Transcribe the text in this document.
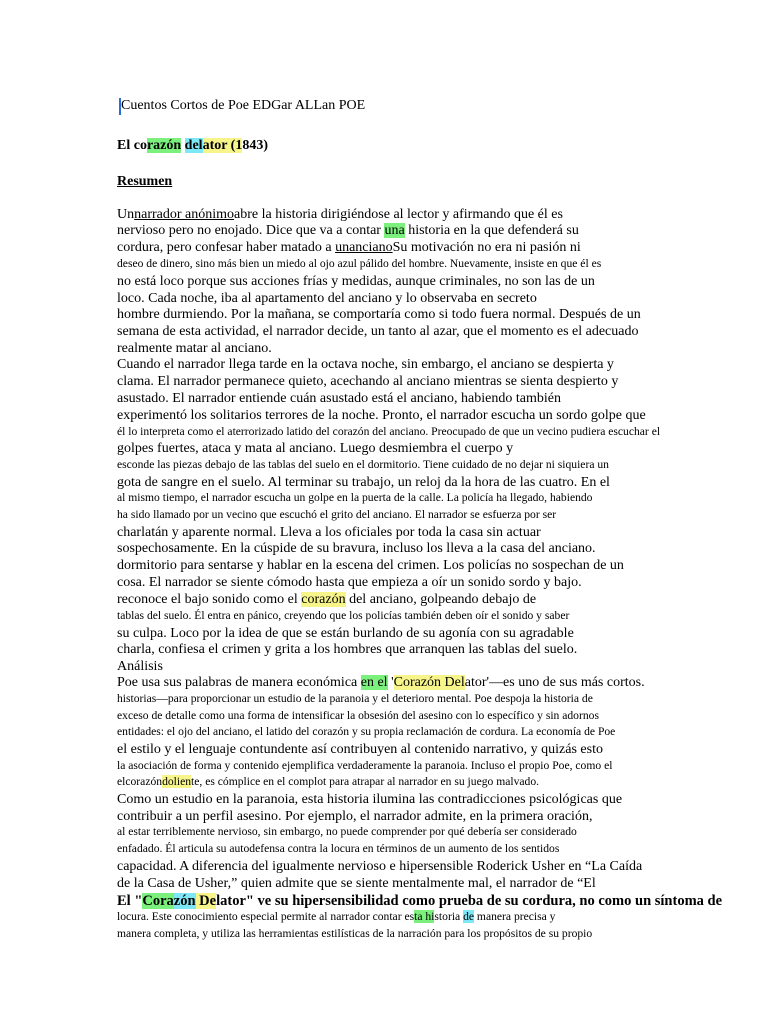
Cuentos Cortos de Poe EDGar ALLan POE
El corazón delator (1843)
Resumen
Unnarrador anónimoabre la historia dirigiéndose al lector y afirmando que él es
nervioso pero no enojado. Dice que va a contar una historia en la que defenderá su
cordura, pero confesar haber matado a unancianoSu motivación no era ni pasión ni
deseo de dinero, sino más bien un miedo al ojo azul pálido del hombre. Nuevamente, insiste en que él es
no está loco porque sus acciones frías y medidas, aunque criminales, no son las de un
loco. Cada noche, iba al apartamento del anciano y lo observaba en secreto
hombre durmiendo. Por la mañana, se comportaría como si todo fuera normal. Después de un
semana de esta actividad, el narrador decide, un tanto al azar, que el momento es el adecuado
realmente matar al anciano.
Cuando el narrador llega tarde en la octava noche, sin embargo, el anciano se despierta y
clama. El narrador permanece quieto, acechando al anciano mientras se sienta despierto y
asustado. El narrador entiende cuán asustado está el anciano, habiendo también
experimentó los solitarios terrores de la noche. Pronto, el narrador escucha un sordo golpe que
él lo interpreta como el aterrorizado latido del corazón del anciano. Preocupado de que un vecino pudiera escuchar el
golpes fuertes, ataca y mata al anciano. Luego desmiembra el cuerpo y
esconde las piezas debajo de las tablas del suelo en el dormitorio. Tiene cuidado de no dejar ni siquiera un
gota de sangre en el suelo. Al terminar su trabajo, un reloj da la hora de las cuatro. En el
al mismo tiempo, el narrador escucha un golpe en la puerta de la calle. La policía ha llegado, habiendo
ha sido llamado por un vecino que escuchó el grito del anciano. El narrador se esfuerza por ser
charlatán y aparente normal. Lleva a los oficiales por toda la casa sin actuar
sospechosamente. En la cúspide de su bravura, incluso los lleva a la casa del anciano.
dormitorio para sentarse y hablar en la escena del crimen. Los policías no sospechan de un
cosa. El narrador se siente cómodo hasta que empieza a oír un sonido sordo y bajo.
reconoce el bajo sonido como el corazón del anciano, golpeando debajo de
tablas del suelo. Él entra en pánico, creyendo que los policías también deben oír el sonido y saber
su culpa. Loco por la idea de que se están burlando de su agonía con su agradable
charla, confiesa el crimen y grita a los hombres que arranquen las tablas del suelo.
Análisis
Poe usa sus palabras de manera económica en el 'Corazón Delator'—es uno de sus más cortos.
historias—para proporcionar un estudio de la paranoia y el deterioro mental. Poe despoja la historia de
exceso de detalle como una forma de intensificar la obsesión del asesino con lo específico y sin adornos
entidades: el ojo del anciano, el latido del corazón y su propia reclamación de cordura. La economía de Poe
el estilo y el lenguaje contundente así contribuyen al contenido narrativo, y quizás esto
la asociación de forma y contenido ejemplifica verdaderamente la paranoia. Incluso el propio Poe, como el
elcorazóndoliente, es cómplice en el complot para atrapar al narrador en su juego malvado.
Como un estudio en la paranoia, esta historia ilumina las contradicciones psicológicas que
contribuir a un perfil asesino. Por ejemplo, el narrador admite, en la primera oración,
al estar terriblemente nervioso, sin embargo, no puede comprender por qué debería ser considerado
enfadado. Él articula su autodefensa contra la locura en términos de un aumento de los sentidos
capacidad. A diferencia del igualmente nervioso e hipersensible Roderick Usher en “La Caída
de la Casa de Usher,” quien admite que se siente mentalmente mal, el narrador de “El
El "Corazón Delator" ve su hipersensibilidad como prueba de su cordura, no como un síntoma de
locura. Este conocimiento especial permite al narrador contar esta historia de manera precisa y
manera completa, y utiliza las herramientas estilísticas de la narración para los propósitos de su propio
